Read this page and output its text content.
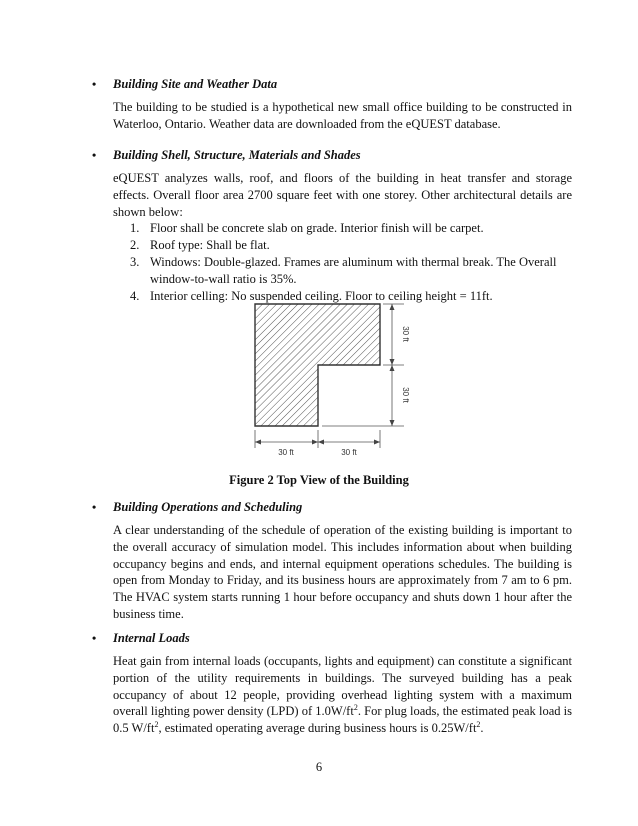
• Building Site and Weather Data
The building to be studied is a hypothetical new small office building to be constructed in Waterloo, Ontario. Weather data are downloaded from the eQUEST database.
• Building Shell, Structure, Materials and Shades
eQUEST analyzes walls, roof, and floors of the building in heat transfer and storage effects. Overall floor area 2700 square feet with one storey. Other architectural details are shown below:
1. Floor shall be concrete slab on grade. Interior finish will be carpet.
2. Roof type: Shall be flat.
3. Windows: Double-glazed. Frames are aluminum with thermal break. The Overall window-to-wall ratio is 35%.
4. Interior celling: No suspended ceiling. Floor to ceiling height = 11ft.
30 ft	30 ft
30 ft
30 ft
Figure 2 Top View of the Building
• Building Operations and Scheduling
A clear understanding of the schedule of operation of the existing building is important to the overall accuracy of simulation model. This includes information about when building occupancy begins and ends, and internal equipment operations schedules. The building is open from Monday to Friday, and its business hours are approximately from 7 am to 6 pm. The HVAC system starts running 1 hour before occupancy and shuts down 1 hour after the business time.
• Internal Loads
Heat gain from internal loads (occupants, lights and equipment) can constitute a significant portion of the utility requirements in buildings. The surveyed building has a peak occupancy of about 12 people, providing overhead lighting system with a maximum overall lighting power density (LPD) of $1.0W/ft^2$. For plug loads, the estimated peak load is 0.5 $W/ft^2$, estimated operating average during business hours is $0.25W/ft^2$.
6
